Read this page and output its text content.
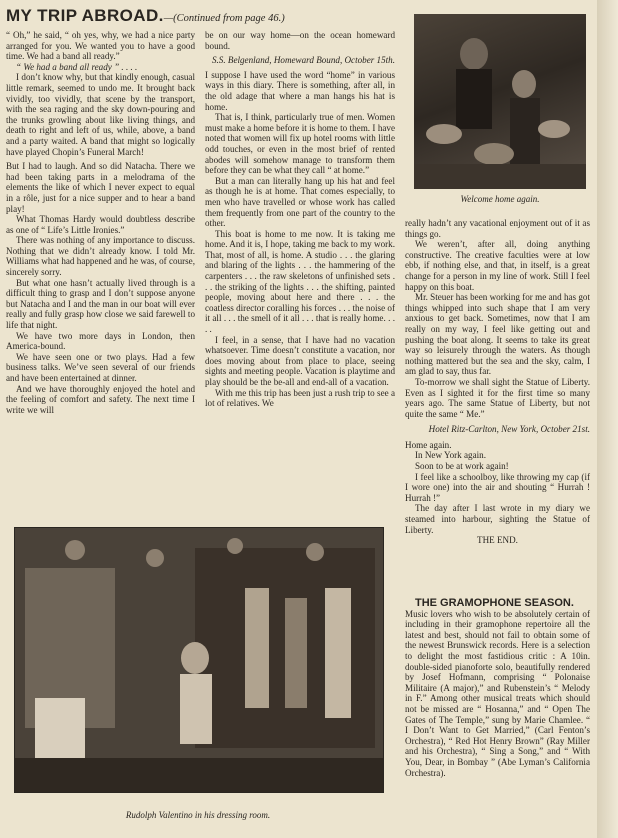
MY TRIP ABROAD.—(Continued from page 46.)

“ Oh,” he said, “ oh yes, why, we had a nice party arranged for you. We wanted you to have a good time. We had a band all ready.”

“ We had a band all ready ” . . . .

I don’t know why, but that kindly enough, casual little remark, seemed to undo me. It brought back vividly, too vividly, that scene by the transport, with the sea raging and the sky down-pouring and the trunks growling about like living things, and death to right and left of us, while, above, a band and a party waited. A band that might so logically have played Chopin’s Funeral March!

But I had to laugh. And so did Natacha. There we had been taking parts in a melodrama of the elements the like of which I never expect to equal in a rôle, just for a nice supper and to hear a band play!

What Thomas Hardy would doubtless describe as one of “ Life’s Little Ironies.”

There was nothing of any importance to discuss. Nothing that we didn’t already know. I told Mr. Williams what had happened and he was, of course, sincerely sorry.

But what one hasn’t actually lived through is a difficult thing to grasp and I don’t suppose anyone but Natacha and I and the man in our boat will ever really and fully grasp how close we said farewell to life that night.

We have two more days in London, then America-bound.

We have seen one or two plays. Had a few business talks. We’ve seen several of our friends and have been entertained at dinner.

And we have thoroughly enjoyed the hotel and the feeling of comfort and safety. The next time I write we will

be on our way home—on the ocean homeward bound.

S.S. Belgenland, Homeward Bound, October 15th.

I suppose I have used the word “home” in various ways in this diary. There is something, after all, in the old adage that where a man hangs his hat is home.

That is, I think, particularly true of men. Women must make a home before it is home to them. I have noted that women will fix up hotel rooms with little odd touches, or even in the most brief of rented abodes will somehow manage to transform them before they can be what they call “ at home.”

But a man can literally hang up his hat and feel as though he is at home. That comes especially, to men who have travelled or whose work has called them frequently from one part of the country to the other.

This boat is home to me now. It is taking me home. And it is, I hope, taking me back to my work. That, most of all, is home. A studio . . . the glaring and blaring of the lights . . . the hammering of the carpenters . . . the raw skeletons of unfinished sets . . . the striking of the lights . . . the shifting, painted people, moving about here and there . . . the coatless director coralling his forces . . . the noise of it all . . . the smell of it all . . . that is really home. . . . .

I feel, in a sense, that I have had no vacation whatsoever. Time doesn’t constitute a vacation, nor does moving about from place to place, seeing sights and meeting people. Vacation is playtime and play should be the be-all and end-all of a vacation.

With me this trip has been just a rush trip to see a lot of relatives. We

Welcome home again.

really hadn’t any vacational enjoyment out of it as things go.

We weren’t, after all, doing anything constructive. The creative faculties were at low ebb, if nothing else, and that, in itself, is a great change for a person in my line of work. Still I feel happy on this boat.

Mr. Steuer has been working for me and has got things whipped into such shape that I am very anxious to get back. Sometimes, now that I am really on my way, I feel like getting out and pushing the boat along. It seems to take its great way so leisurely through the waters. As though nothing mattered but the sea and the sky, calm, I am glad to say, thus far.

To-morrow we shall sight the Statue of Liberty. Even as I sighted it for the first time so many years ago. The same Statue of Liberty, but not quite the same “ Me.”

Hotel Ritz-Carlton, New York, October 21st.

Home again.

In New York again.

Soon to be at work again!

I feel like a schoolboy, like throwing my cap (if I wore one) into the air and shouting “ Hurrah ! Hurrah !”

The day after I last wrote in my diary we steamed into harbour, sighting the Statue of Liberty.

THE END.

THE GRAMOPHONE SEASON.

Music lovers who wish to be absolutely certain of including in their gramophone repertoire all the latest and best, should not fail to obtain some of the newest Brunswick records. Here is a selection to delight the most fastidious critic : A 10in. double-sided pianoforte solo, beautifully rendered by Josef Hofmann, comprising “ Polonaise Militaire (A major),” and Rubenstein’s “ Melody in F.” Among other musical treats which should not be missed are “ Hosanna,” and “ Open The Gates of The Temple,” sung by Marie Chamlee. “ I Don’t Want to Get Married,” (Carl Fenton’s Orchestra), “ Red Hot Henry Brown” (Ray Miller and his Orchestra), “ Sing a Song,” and “ With You, Dear, in Bombay ” (Abe Lyman’s California Orchestra).

Rudolph Valentino in his dressing room.
